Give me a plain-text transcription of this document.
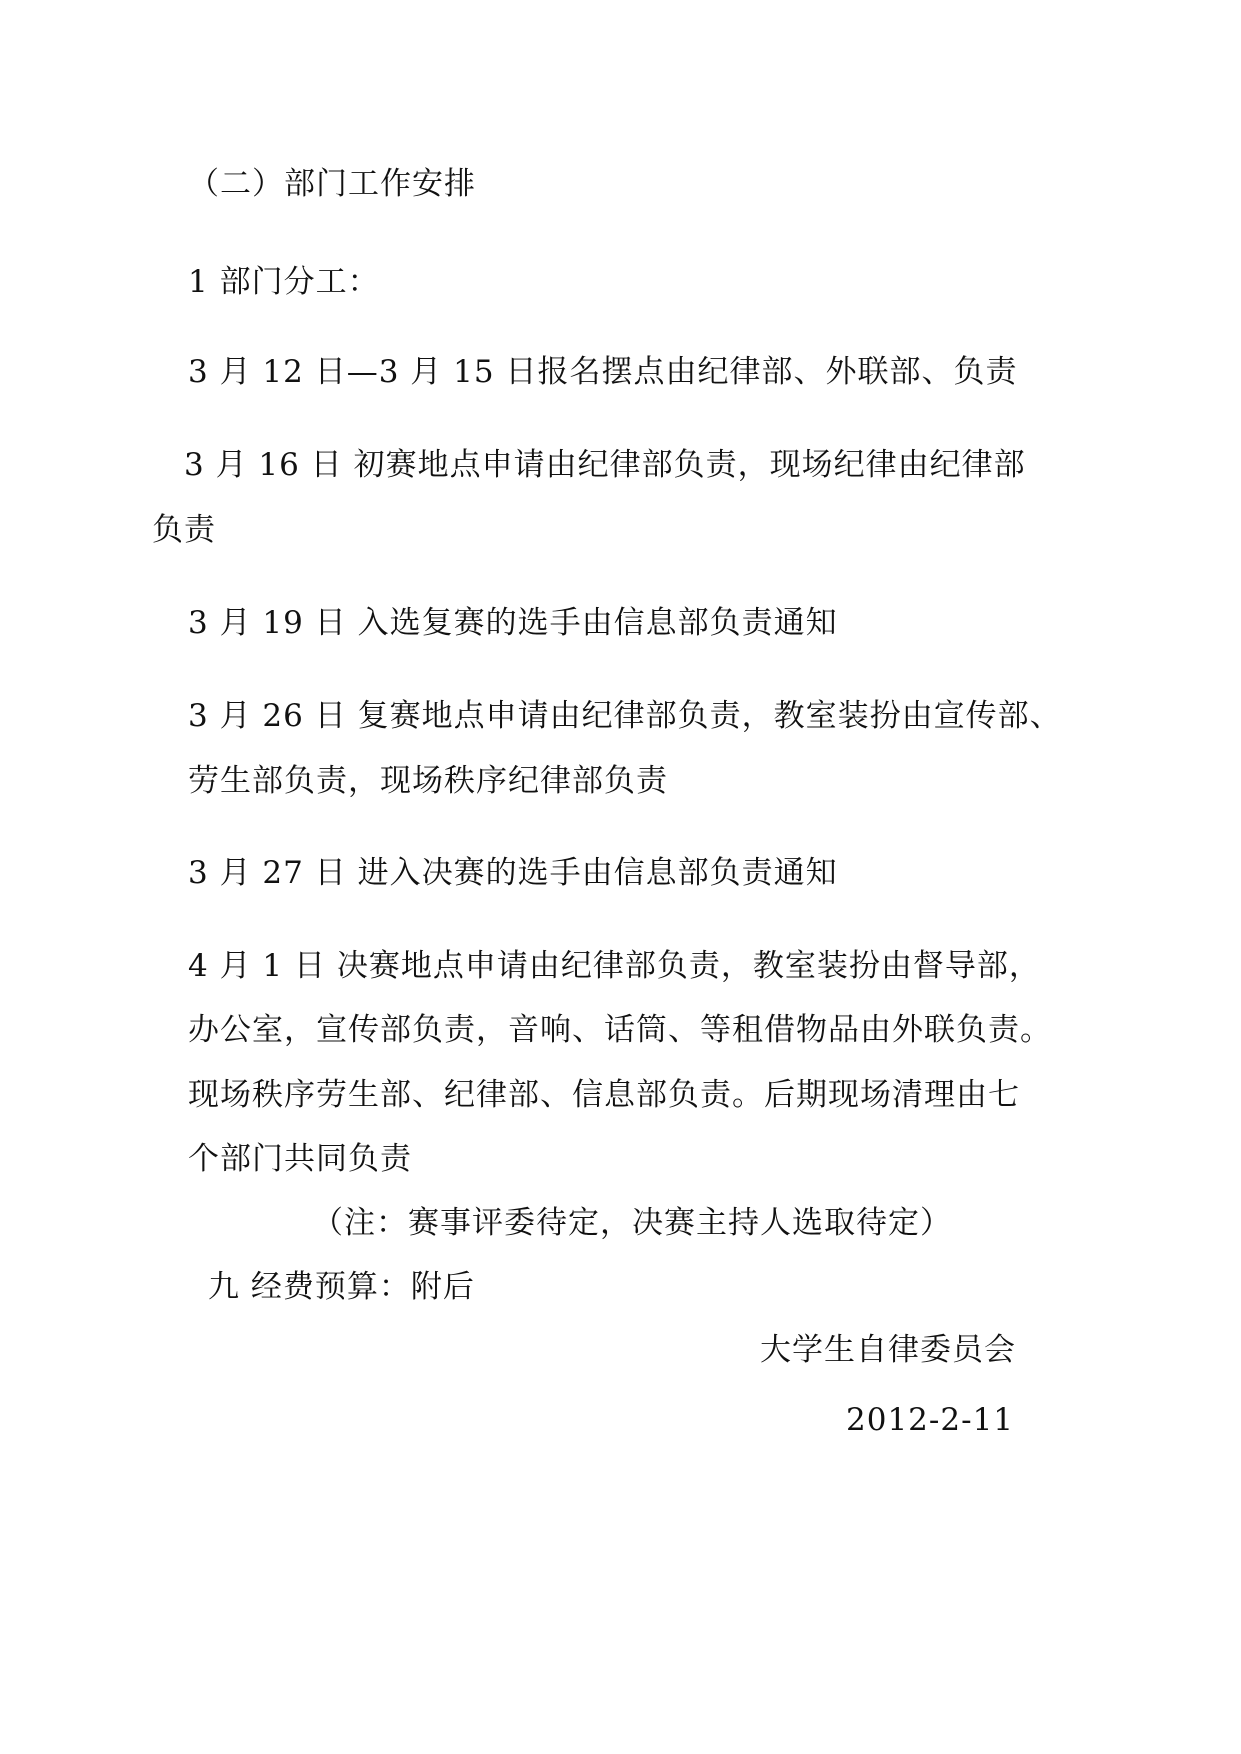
（二）部门工作安排
1 部门分工：
3 月 12 日—3 月 15 日报名摆点由纪律部、外联部、负责
3 月 16 日 初赛地点申请由纪律部负责，现场纪律由纪律部
负责
3 月 19 日 入选复赛的选手由信息部负责通知
3 月 26 日 复赛地点申请由纪律部负责，教室装扮由宣传部、
劳生部负责，现场秩序纪律部负责
3 月 27 日 进入决赛的选手由信息部负责通知
4 月 1 日 决赛地点申请由纪律部负责，教室装扮由督导部，
办公室，宣传部负责，音响、话筒、等租借物品由外联负责。
现场秩序劳生部、纪律部、信息部负责。后期现场清理由七
个部门共同负责
（注：赛事评委待定，决赛主持人选取待定）
九 经费预算：附后
大学生自律委员会
2012-2-11
